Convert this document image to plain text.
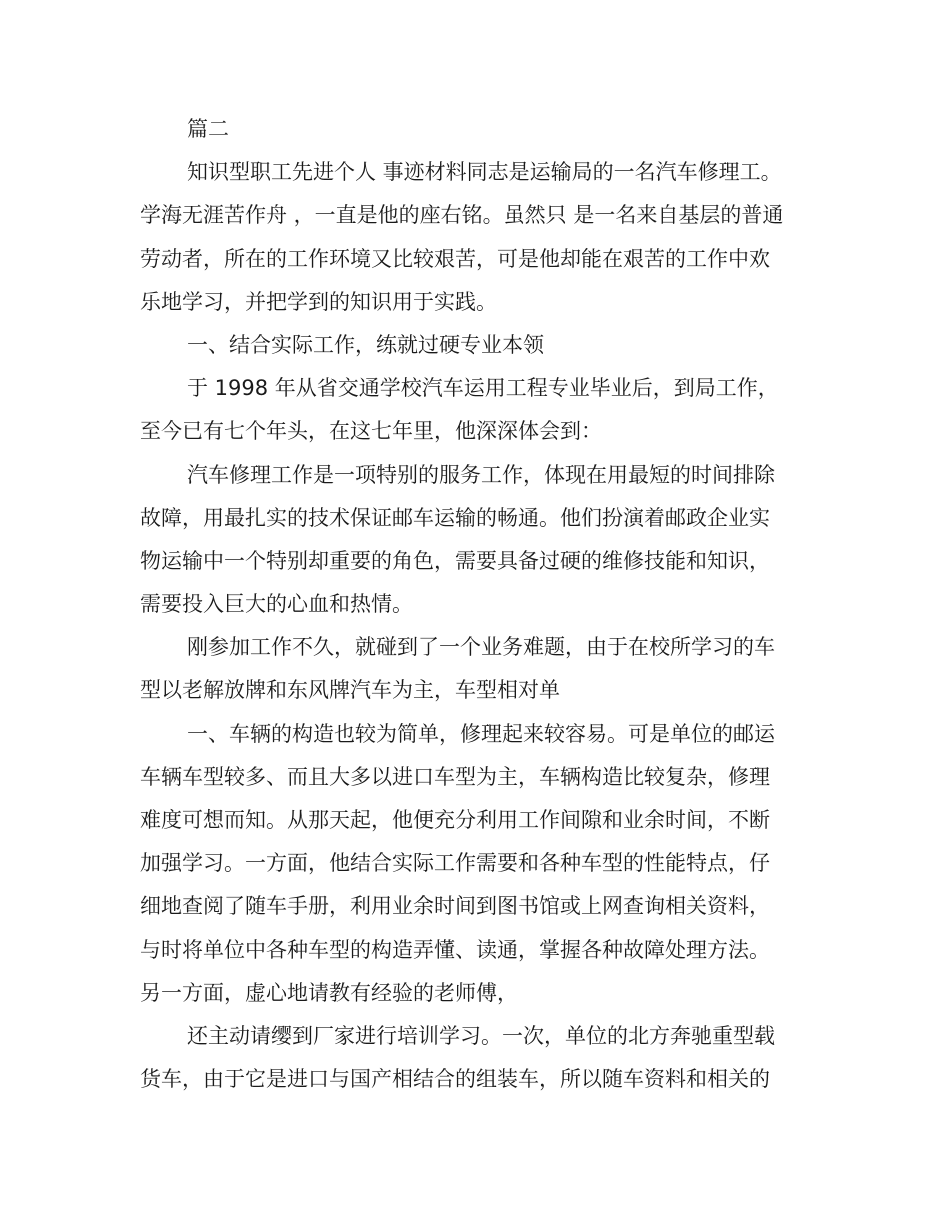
篇二
知识型职工先进个人 事迹材料同志是运输局的一名汽车修理工。
学海无涯苦作舟 ，一直是他的座右铭。虽然只 是一名来自基层的普通
劳动者，所在的工作环境又比较艰苦，可是他却能在艰苦的工作中欢
乐地学习，并把学到的知识用于实践。
一、结合实际工作，练就过硬专业本领
于 1998 年从省交通学校汽车运用工程专业毕业后，到局工作，
至今已有七个年头，在这七年里，他深深体会到：
汽车修理工作是一项特别的服务工作，体现在用最短的时间排除
故障，用最扎实的技术保证邮车运输的畅通。他们扮演着邮政企业实
物运输中一个特别却重要的角色，需要具备过硬的维修技能和知识，
需要投入巨大的心血和热情。
刚参加工作不久，就碰到了一个业务难题，由于在校所学习的车
型以老解放牌和东风牌汽车为主，车型相对单
一、车辆的构造也较为简单，修理起来较容易。可是单位的邮运
车辆车型较多、而且大多以进口车型为主，车辆构造比较复杂，修理
难度可想而知。从那天起，他便充分利用工作间隙和业余时间，不断
加强学习。一方面，他结合实际工作需要和各种车型的性能特点，仔
细地查阅了随车手册，利用业余时间到图书馆或上网查询相关资料，
与时将单位中各种车型的构造弄懂、读通，掌握各种故障处理方法。
另一方面，虚心地请教有经验的老师傅，
还主动请缨到厂家进行培训学习。一次，单位的北方奔驰重型载
货车，由于它是进口与国产相结合的组装车，所以随车资料和相关的
